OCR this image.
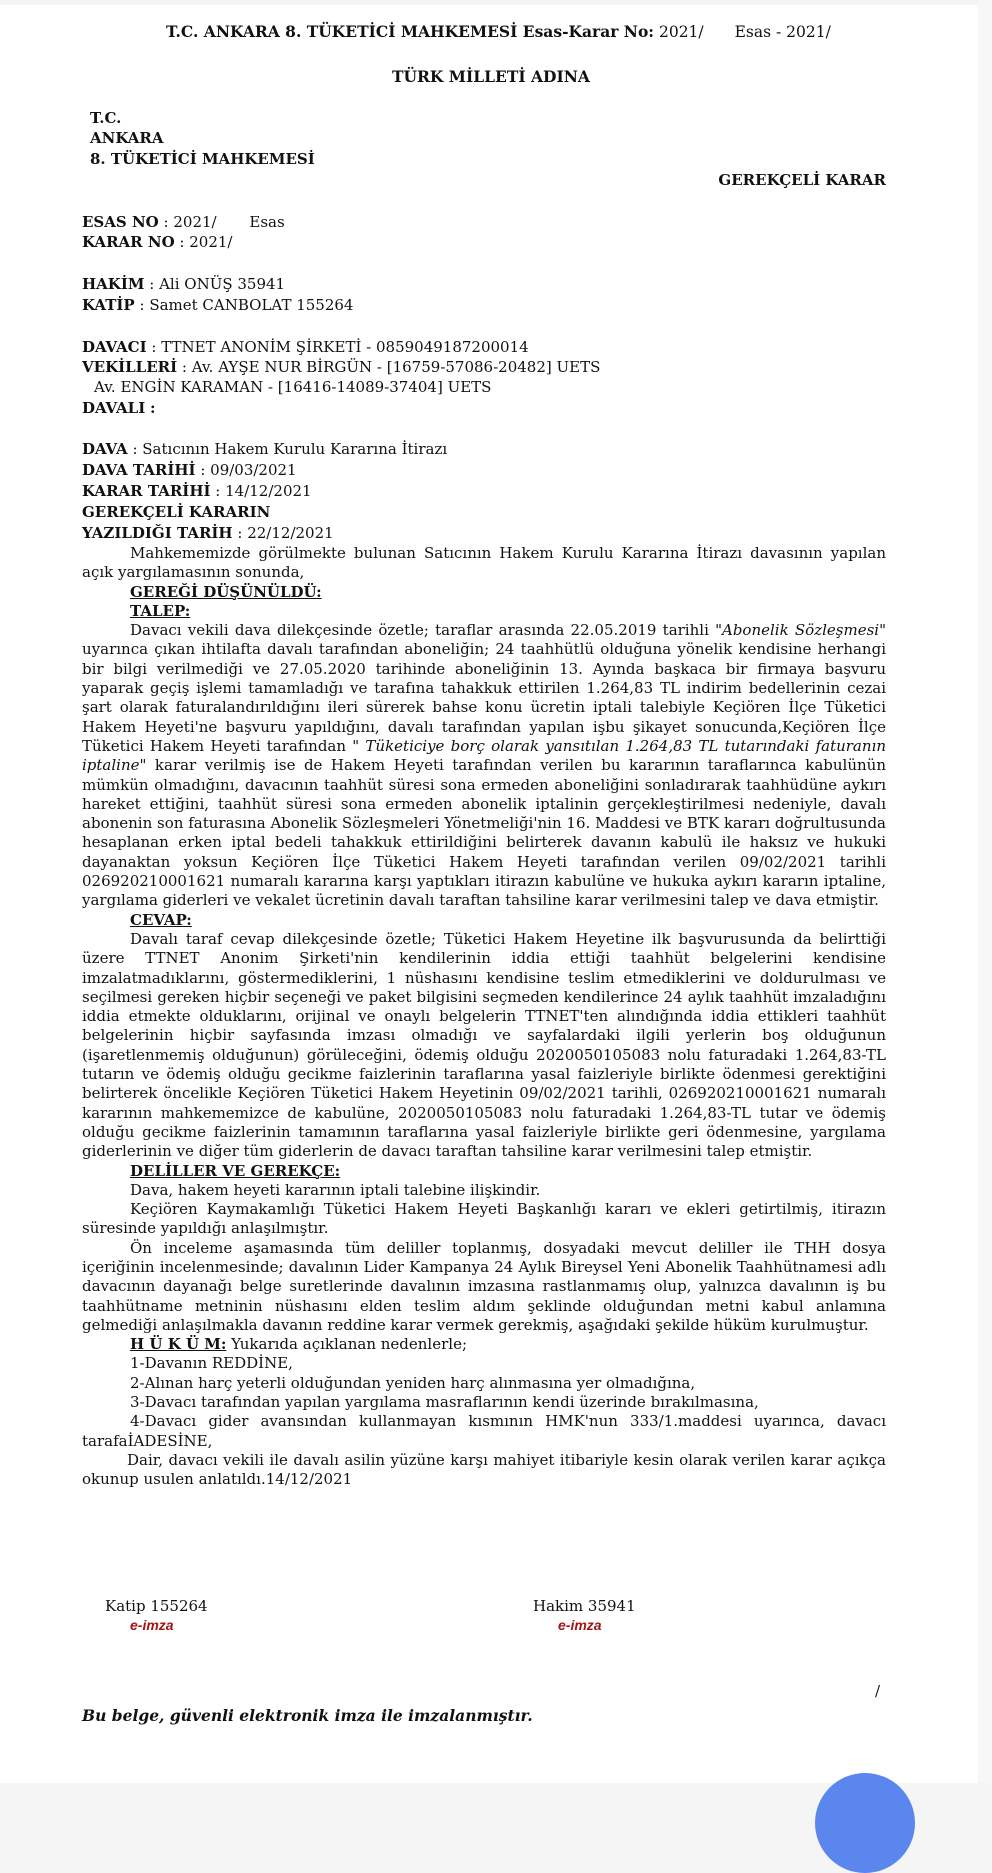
T.C. ANKARA 8. TÜKETİCİ MAHKEMESİ Esas-Karar No: 2021/ Esas - 2021/
TÜRK MİLLETİ ADINA
T.C.
ANKARA
8. TÜKETİCİ MAHKEMESİ
GEREKÇELİ KARAR
ESAS NO : 2021/ Esas
KARAR NO : 2021/
HAKİM : Ali ONÜŞ 35941
KATİP : Samet CANBOLAT 155264
DAVACI : TTNET ANONİM ŞİRKETİ - 0859049187200014
VEKİLLERİ : Av. AYŞE NUR BİRGÜN - [16759-57086-20482] UETS
Av. ENGİN KARAMAN - [16416-14089-37404] UETS
DAVALI :
DAVA : Satıcının Hakem Kurulu Kararına İtirazı
DAVA TARİHİ : 09/03/2021
KARAR TARİHİ : 14/12/2021
GEREKÇELİ KARARIN
YAZILDIĞI TARİH : 22/12/2021

Mahkememizde görülmekte bulunan Satıcının Hakem Kurulu Kararına İtirazı davasının yapılan açık yargılamasının sonunda,

GEREĞİ DÜŞÜNÜLDÜ:
TALEP:

Davacı vekili dava dilekçesinde özetle; taraflar arasında 22.05.2019 tarihli "Abonelik Sözleşmesi" uyarınca çıkan ihtilafta davalı tarafından aboneliğin; 24 taahhütlü olduğuna yönelik kendisine herhangi bir bilgi verilmediği ve 27.05.2020 tarihinde aboneliğinin 13. Ayında başkaca bir firmaya başvuru yaparak geçiş işlemi tamamladığı ve tarafına tahakkuk ettirilen 1.264,83 TL indirim bedellerinin cezai şart olarak faturalandırıldığını ileri sürerek bahse konu ücretin iptali talebiyle Keçiören İlçe Tüketici Hakem Heyeti'ne başvuru yapıldığını, davalı tarafından yapılan işbu şikayet sonucunda,Keçiören İlçe Tüketici Hakem Heyeti tarafından " Tüketiciye borç olarak yansıtılan 1.264,83 TL tutarındaki faturanın iptaline" karar verilmiş ise de Hakem Heyeti tarafından verilen bu kararının taraflarınca kabulünün mümkün olmadığını, davacının taahhüt süresi sona ermeden aboneliğini sonladırarak taahhüdüne aykırı hareket ettiğini, taahhüt süresi sona ermeden abonelik iptalinin gerçekleştirilmesi nedeniyle, davalı abonenin son faturasına Abonelik Sözleşmeleri Yönetmeliği'nin 16. Maddesi ve BTK kararı doğrultusunda hesaplanan erken iptal bedeli tahakkuk ettirildiğini belirterek davanın kabulü ile haksız ve hukuki dayanaktan yoksun Keçiören İlçe Tüketici Hakem Heyeti tarafından verilen 09/02/2021 tarihli 026920210001621 numaralı kararına karşı yaptıkları itirazın kabulüne ve hukuka aykırı kararın iptaline, yargılama giderleri ve vekalet ücretinin davalı taraftan tahsiline karar verilmesini talep ve dava etmiştir.

CEVAP:

Davalı taraf cevap dilekçesinde özetle; Tüketici Hakem Heyetine ilk başvurusunda da belirttiği üzere TTNET Anonim Şirketi'nin kendilerinin iddia ettiği taahhüt belgelerini kendisine imzalatmadıklarını, göstermediklerini, 1 nüshasını kendisine teslim etmediklerini ve doldurulması ve seçilmesi gereken hiçbir seçeneği ve paket bilgisini seçmeden kendilerince 24 aylık taahhüt imzaladığını iddia etmekte olduklarını, orijinal ve onaylı belgelerin TTNET'ten alındığında iddia ettikleri taahhüt belgelerinin hiçbir sayfasında imzası olmadığı ve sayfalardaki ilgili yerlerin boş olduğunun (işaretlenmemiş olduğunun) görüleceğini, ödemiş olduğu 2020050105083 nolu faturadaki 1.264,83-TL tutarın ve ödemiş olduğu gecikme faizlerinin taraflarına yasal faizleriyle birlikte ödenmesi gerektiğini belirterek öncelikle Keçiören Tüketici Hakem Heyetinin 09/02/2021 tarihli, 026920210001621 numaralı kararının mahkememizce de kabulüne, 2020050105083 nolu faturadaki 1.264,83-TL tutar ve ödemiş olduğu gecikme faizlerinin tamamının taraflarına yasal faizleriyle birlikte geri ödenmesine, yargılama giderlerinin ve diğer tüm giderlerin de davacı taraftan tahsiline karar verilmesini talep etmiştir.

DELİLLER VE GEREKÇE:

Dava, hakem heyeti kararının iptali talebine ilişkindir.

Keçiören Kaymakamlığı Tüketici Hakem Heyeti Başkanlığı kararı ve ekleri getirtilmiş, itirazın süresinde yapıldığı anlaşılmıştır.

Ön inceleme aşamasında tüm deliller toplanmış, dosyadaki mevcut deliller ile THH dosya içeriğinin incelenmesinde; davalının Lider Kampanya 24 Aylık Bireysel Yeni Abonelik Taahhütnamesi adlı davacının dayanağı belge suretlerinde davalının imzasına rastlanmamış olup, yalnızca davalının iş bu taahhütname metninin nüshasını elden teslim aldım şeklinde olduğundan metni kabul anlamına gelmediği anlaşılmakla davanın reddine karar vermek gerekmiş, aşağıdaki şekilde hüküm kurulmuştur.

H Ü K Ü M: Yukarıda açıklanan nedenlerle;

1-Davanın REDDİNE,

2-Alınan harç yeterli olduğundan yeniden harç alınmasına yer olmadığına,

3-Davacı tarafından yapılan yargılama masraflarının kendi üzerinde bırakılmasına,

4-Davacı gider avansından kullanmayan kısmının HMK'nun 333/1.maddesi uyarınca, davacı tarafaİADESİNE,

Dair, davacı vekili ile davalı asilin yüzüne karşı mahiyet itibariyle kesin olarak verilen karar açıkça okunup usulen anlatıldı.14/12/2021

Katip 155264
e-imza
Hakim 35941
e-imza
/
Bu belge, güvenli elektronik imza ile imzalanmıştır.
